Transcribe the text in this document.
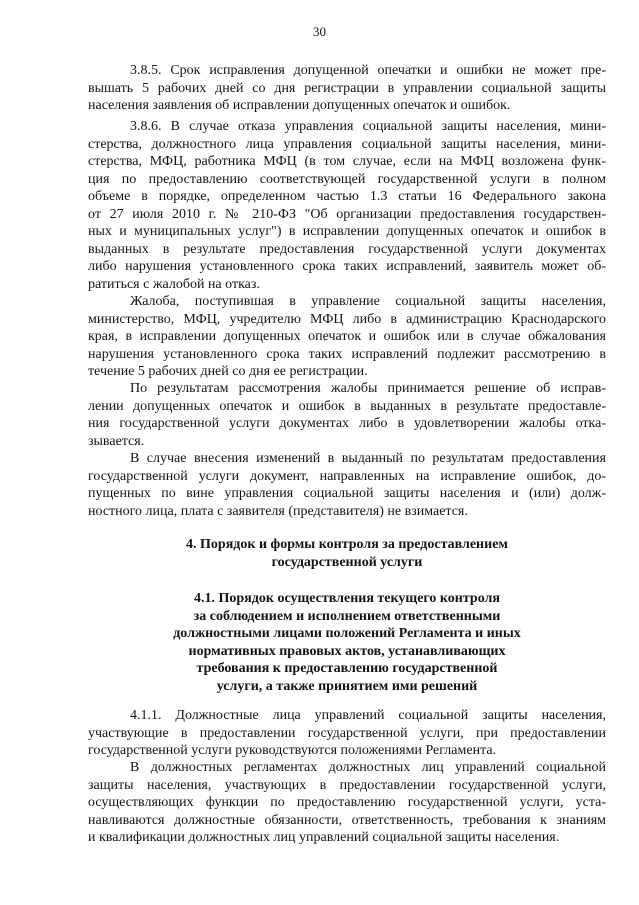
30
3.8.5. Срок исправления допущенной опечатки и ошибки не может пре-
вышать 5 рабочих дней со дня регистрации в управлении социальной защиты
населения заявления об исправлении допущенных опечаток и ошибок.
3.8.6. В случае отказа управления социальной защиты населения, мини-
стерства, должностного лица управления социальной защиты населения, мини-
стерства, МФЦ, работника МФЦ (в том случае, если на МФЦ возложена функ-
ция по предоставлению соответствующей государственной услуги в полном
объеме в порядке, определенном частью 1.3 статьи 16 Федерального закона
от 27 июля 2010 г. № 210-ФЗ "Об организации предоставления государствен-
ных и муниципальных услуг") в исправлении допущенных опечаток и ошибок в
выданных в результате предоставления государственной услуги документах
либо нарушения установленного срока таких исправлений, заявитель может об-
ратиться с жалобой на отказ.
Жалоба, поступившая в управление социальной защиты населения,
министерство, МФЦ, учредителю МФЦ либо в администрацию Краснодарского
края, в исправлении допущенных опечаток и ошибок или в случае обжалования
нарушения установленного срока таких исправлений подлежит рассмотрению в
течение 5 рабочих дней со дня ее регистрации.
По результатам рассмотрения жалобы принимается решение об исправ-
лении допущенных опечаток и ошибок в выданных в результате предоставле-
ния государственной услуги документах либо в удовлетворении жалобы отка-
зывается.
В случае внесения изменений в выданный по результатам предоставления
государственной услуги документ, направленных на исправление ошибок, до-
пущенных по вине управления социальной защиты населения и (или) долж-
ностного лица, плата с заявителя (представителя) не взимается.
4. Порядок и формы контроля за предоставлением
государственной услуги
4.1. Порядок осуществления текущего контроля
за соблюдением и исполнением ответственными
должностными лицами положений Регламента и иных
нормативных правовых актов, устанавливающих
требования к предоставлению государственной
услуги, а также принятием ими решений
4.1.1. Должностные лица управлений социальной защиты населения,
участвующие в предоставлении государственной услуги, при предоставлении
государственной услуги руководствуются положениями Регламента.
В должностных регламентах должностных лиц управлений социальной
защиты населения, участвующих в предоставлении государственной услуги,
осуществляющих функции по предоставлению государственной услуги, уста-
навливаются должностные обязанности, ответственность, требования к знаниям
и квалификации должностных лиц управлений социальной защиты населения.
